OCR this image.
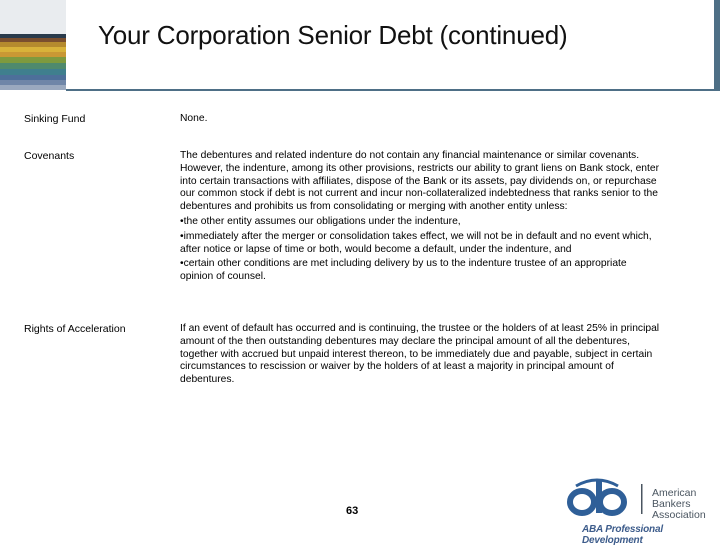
Your Corporation Senior Debt (continued)
Sinking Fund	None.

Covenants	The debentures and related indenture do not contain any financial maintenance or similar covenants. However, the indenture, among its other provisions, restricts our ability to grant liens on Bank stock, enter into certain transactions with affiliates, dispose of the Bank or its assets, pay dividends on, or repurchase our common stock if debt is not current and incur non-collateralized indebtedness that ranks senior to the debentures and prohibits us from consolidating or merging with another entity unless:

•the other entity assumes our obligations under the indenture,

•immediately after the merger or consolidation takes effect, we will not be in default and no event which, after notice or lapse of time or both, would become a default, under the indenture, and

•certain other conditions are met including delivery by us to the indenture trustee of an appropriate opinion of counsel.

Rights of Acceleration	If an event of default has occurred and is continuing, the trustee or the holders of at least 25% in principal amount of the then outstanding debentures may declare the principal amount of all the debentures, together with accrued but unpaid interest thereon, to be immediately due and payable, subject in certain circumstances to rescission or waiver by the holders of at least a majority in principal amount of debentures.

63
American
Bankers
Association
ABA Professional Development
